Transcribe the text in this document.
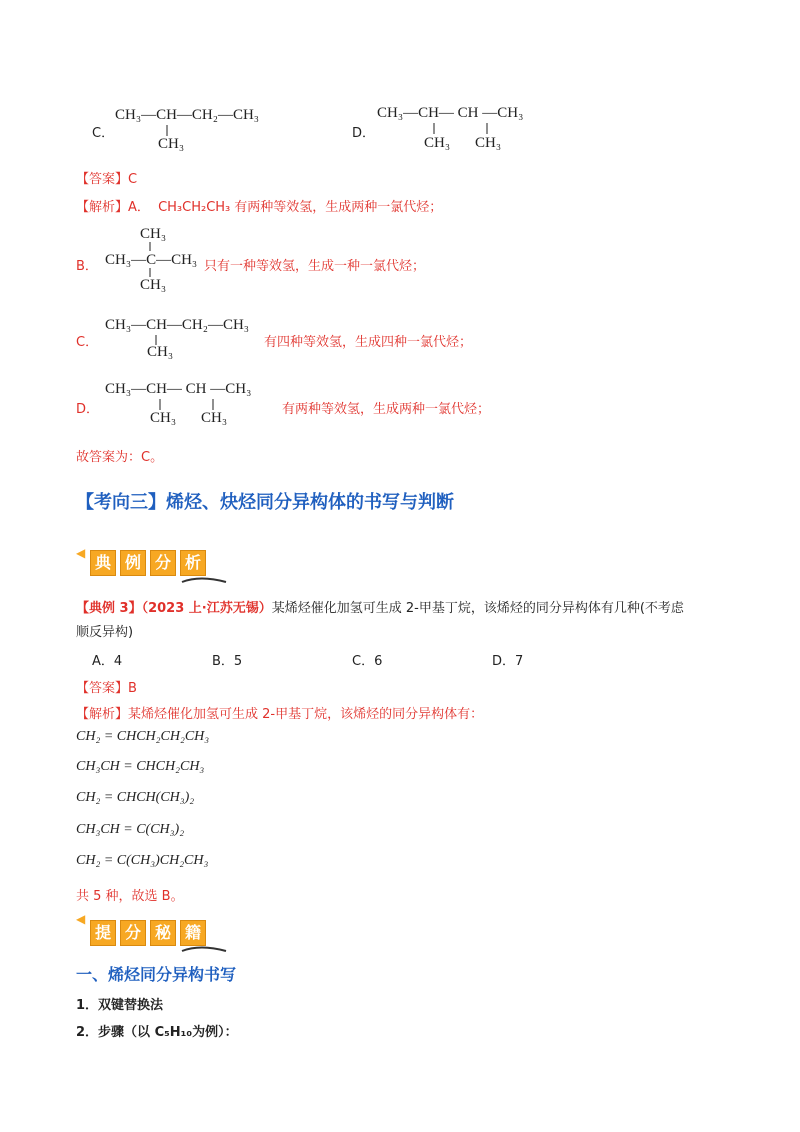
C．
CH₃—CH—CH₂—CH₃
CH₃
D．
CH₃—CH— CH —CH₃
CH₃ CH₃
【答案】C
【解析】A． CH₃CH₂CH₃ 有两种等效氢，生成两种一氯代烃；
B．
CH₃
CH₃—C—CH₃
CH₃
只有一种等效氢，生成一种一氯代烃；
C．
CH₃—CH—CH₂—CH₃
CH₃
有四种等效氢，生成四种一氯代烃；
D．
CH₃—CH— CH —CH₃
CH₃ CH₃
有两种等效氢，生成两种一氯代烃；
故答案为：C。
【考向三】烯烃、炔烃同分异构体的书写与判断
◀ 典 例 分 析
【典例 3】（2023 上·江苏无锡）某烯烃催化加氢可生成 2-甲基丁烷，该烯烃的同分异构体有几种(不考虑
顺反异构)
A．4	B．5	C．6	D．7
【答案】B
【解析】某烯烃催化加氢可生成 2-甲基丁烷，该烯烃的同分异构体有：
CH₂ = CHCH₂CH₂CH₃
CH₃CH = CHCH₂CH₃
CH₂ = CHCH(CH₃)₂
CH₃CH = C(CH₃)₂
CH₂ = C(CH₃)CH₂CH₃
共 5 种，故选 B。
◀
提 分 秘 籍
一、烯烃同分异构书写
1．双键替换法
2．步骤（以 C₅H₁₀为例）：
